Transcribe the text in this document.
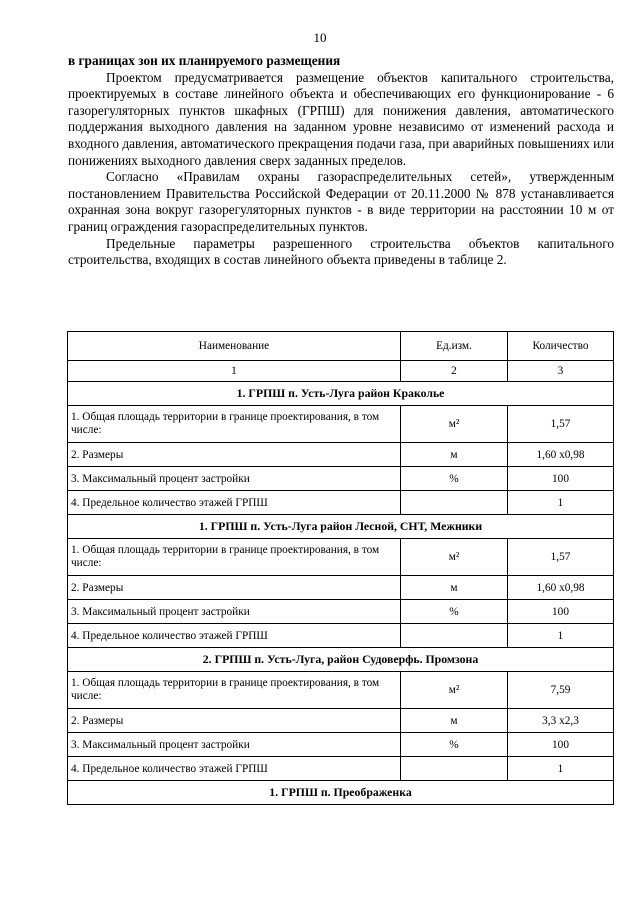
10

в границах зон их планируемого размещения

Проектом предусматривается размещение объектов капитального строительства, проектируемых в составе линейного объекта и обеспечивающих его функционирование - 6 газорегуляторных пунктов шкафных (ГРПШ) для понижения давления, автоматического поддержания выходного давления на заданном уровне независимо от изменений расхода и входного давления, автоматического прекращения подачи газа, при аварийных повышениях или понижениях выходного давления сверх заданных пределов.

Согласно «Правилам охраны газораспределительных сетей», утвержденным постановлением Правительства Российской Федерации от 20.11.2000 № 878 устанавливается охранная зона вокруг газорегуляторных пунктов - в виде территории на расстоянии 10 м от границ ограждения газораспределительных пунктов.

Предельные параметры разрешенного строительства объектов капитального строительства, входящих в состав линейного объекта приведены в таблице 2.

Наименование	Ед.изм.	Количество
1	2	3
1. ГРПШ п. Усть-Луга район Кракольe		
1. Общая площадь территории в границе проектирования, в том числе:	м²	1,57
2. Размеры	м	1,60 х0,98
3. Максимальный процент застройки	%	100
4. Предельное количество этажей ГРПШ		1
1. ГРПШ п. Усть-Луга район Лесной, СНТ, Межники		
1. Общая площадь территории в границе проектирования, в том числе:	м²	1,57
2. Размеры	м	1,60 х0,98
3. Максимальный процент застройки	%	100
4. Предельное количество этажей ГРПШ		1
2. ГРПШ п. Усть-Луга, район Судоверфь. Промзона		
1. Общая площадь территории в границе проектирования, в том числе:	м²	7,59
2. Размеры	м	3,3 х2,3
3. Максимальный процент застройки	%	100
4. Предельное количество этажей ГРПШ		1
1. ГРПШ п. Преображенка		
